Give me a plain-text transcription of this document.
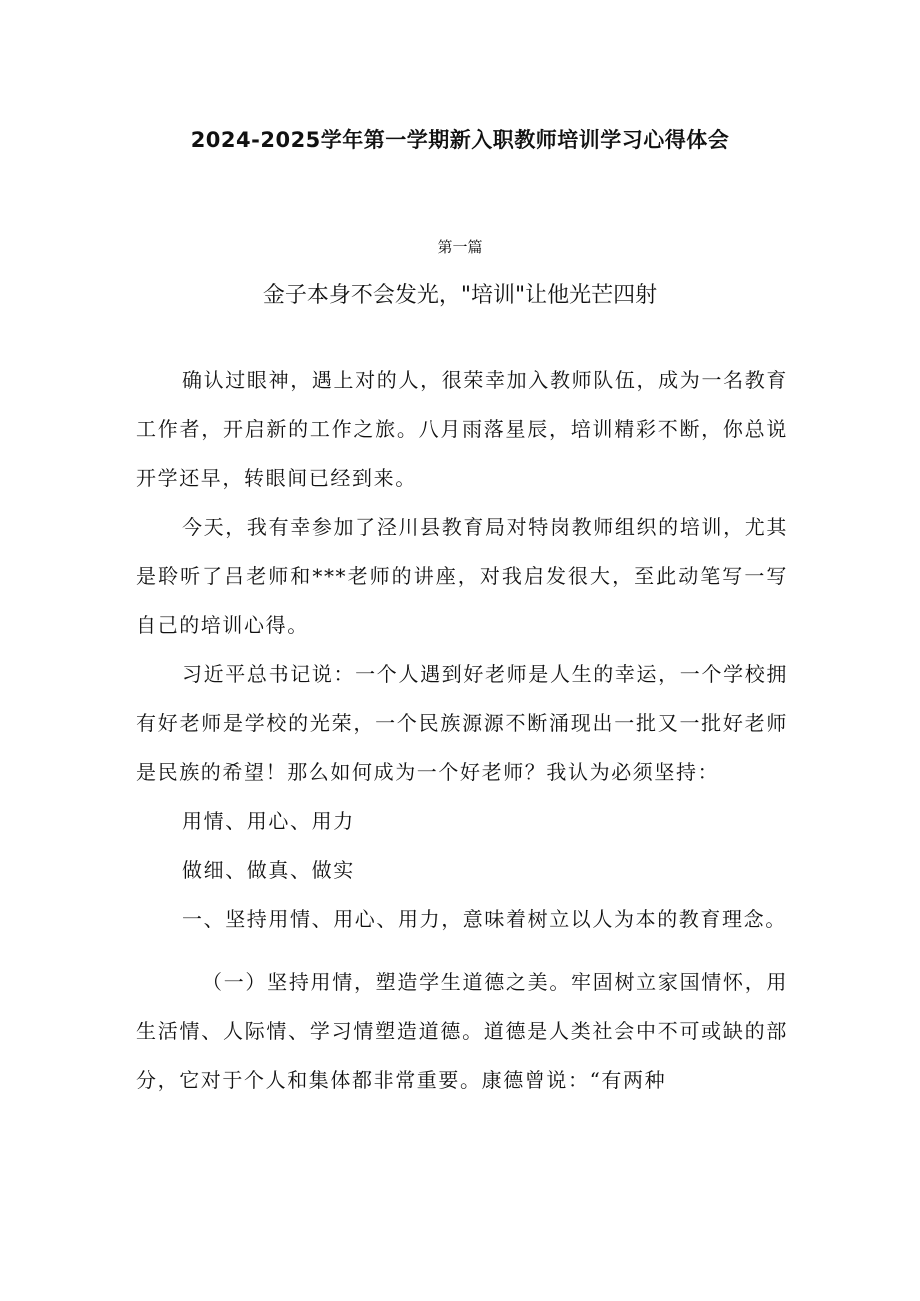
2024-2025学年第一学期新入职教师培训学习心得体会
第一篇
金子本身不会发光，"培训"让他光芒四射

确认过眼神，遇上对的人，很荣幸加入教师队伍，成为一名教育工作者，开启新的工作之旅。八月雨落星辰，培训精彩不断，你总说开学还早，转眼间已经到来。

今天，我有幸参加了泾川县教育局对特岗教师组织的培训，尤其是聆听了吕老师和***老师的讲座，对我启发很大，至此动笔写一写自己的培训心得。

习近平总书记说：一个人遇到好老师是人生的幸运，一个学校拥有好老师是学校的光荣，一个民族源源不断涌现出一批又一批好老师是民族的希望！那么如何成为一个好老师？我认为必须坚持：

用情、用心、用力

做细、做真、做实

一、坚持用情、用心、用力，意味着树立以人为本的教育理念。

（一）坚持用情，塑造学生道德之美。牢固树立家国情怀，用生活情、人际情、学习情塑造道德。道德是人类社会中不可或缺的部分，它对于个人和集体都非常重要。康德曾说：“有两种
